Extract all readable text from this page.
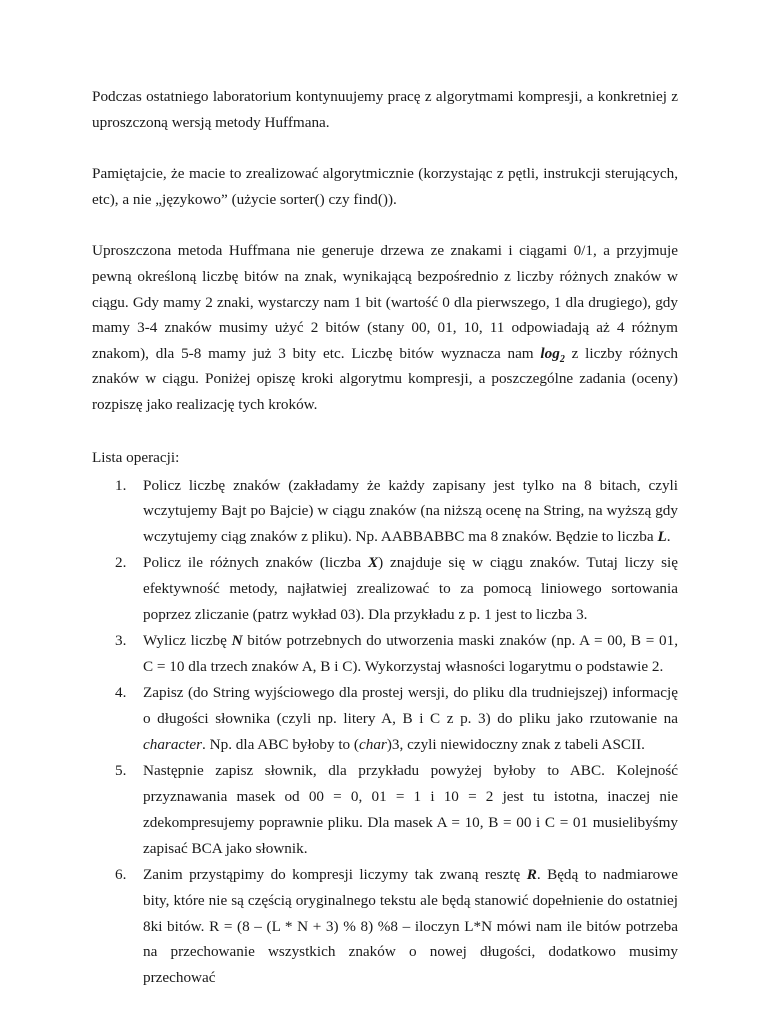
Podczas ostatniego laboratorium kontynuujemy pracę z algorytmami kompresji, a konkretniej z uproszczoną wersją metody Huffmana.

Pamiętajcie, że macie to zrealizować algorytmicznie (korzystając z pętli, instrukcji sterujących, etc), a nie „językowo” (użycie sorter() czy find()).

Uproszczona metoda Huffmana nie generuje drzewa ze znakami i ciągami 0/1, a przyjmuje pewną określoną liczbę bitów na znak, wynikającą bezpośrednio z liczby różnych znaków w ciągu. Gdy mamy 2 znaki, wystarczy nam 1 bit (wartość 0 dla pierwszego, 1 dla drugiego), gdy mamy 3-4 znaków musimy użyć 2 bitów (stany 00, 01, 10, 11 odpowiadają aż 4 różnym znakom), dla 5-8 mamy już 3 bity etc. Liczbę bitów wyznacza nam $\log_2 z$ liczby różnych znaków w ciągu. Poniżej opiszę kroki algorytmu kompresji, a poszczególne zadania (oceny) rozpiszę jako realizację tych kroków.

Lista operacji:

1. Policz liczbę znaków (zakładamy że każdy zapisany jest tylko na 8 bitach, czyli wczytujemy Bajt po Bajcie) w ciągu znaków (na niższą ocenę na String, na wyższą gdy wczytujemy ciąg znaków z pliku). Np. AABBABBC ma 8 znaków. Będzie to liczba L.
2. Policz ile różnych znaków (liczba X) znajduje się w ciągu znaków. Tutaj liczy się efektywność metody, najłatwiej zrealizować to za pomocą liniowego sortowania poprzez zliczanie (patrz wykład 03). Dla przykładu z p. 1 jest to liczba 3.
3. Wylicz liczbę N bitów potrzebnych do utworzenia maski znaków (np. A = 00, B = 01, C = 10 dla trzech znaków A, B i C). Wykorzystaj własności logarytmu o podstawie 2.
4. Zapisz (do String wyjściowego dla prostej wersji, do pliku dla trudniejszej) informację o długości słownika (czyli np. litery A, B i C z p. 3) do pliku jako rzutowanie na character. Np. dla ABC byłoby to (char)3, czyli niewidoczny znak z tabeli ASCII.
5. Następnie zapisz słownik, dla przykładu powyżej byłoby to ABC. Kolejność przyznawania masek od 00 = 0, 01 = 1 i 10 = 2 jest tu istotna, inaczej nie zdekompresujemy poprawnie pliku. Dla masek A = 10, B = 00 i C = 01 musielibyśmy zapisać BCA jako słownik.
6. Zanim przystąpimy do kompresji liczymy tak zwaną resztę R. Będą to nadmiarowe bity, które nie są częścią oryginalnego tekstu ale będą stanowić dopełnienie do ostatniej 8ki bitów. R = (8 – (L * N + 3) % 8) %8 – iloczyn L*N mówi nam ile bitów potrzeba na przechowanie wszystkich znaków o nowej długości, dodatkowo musimy przechować
